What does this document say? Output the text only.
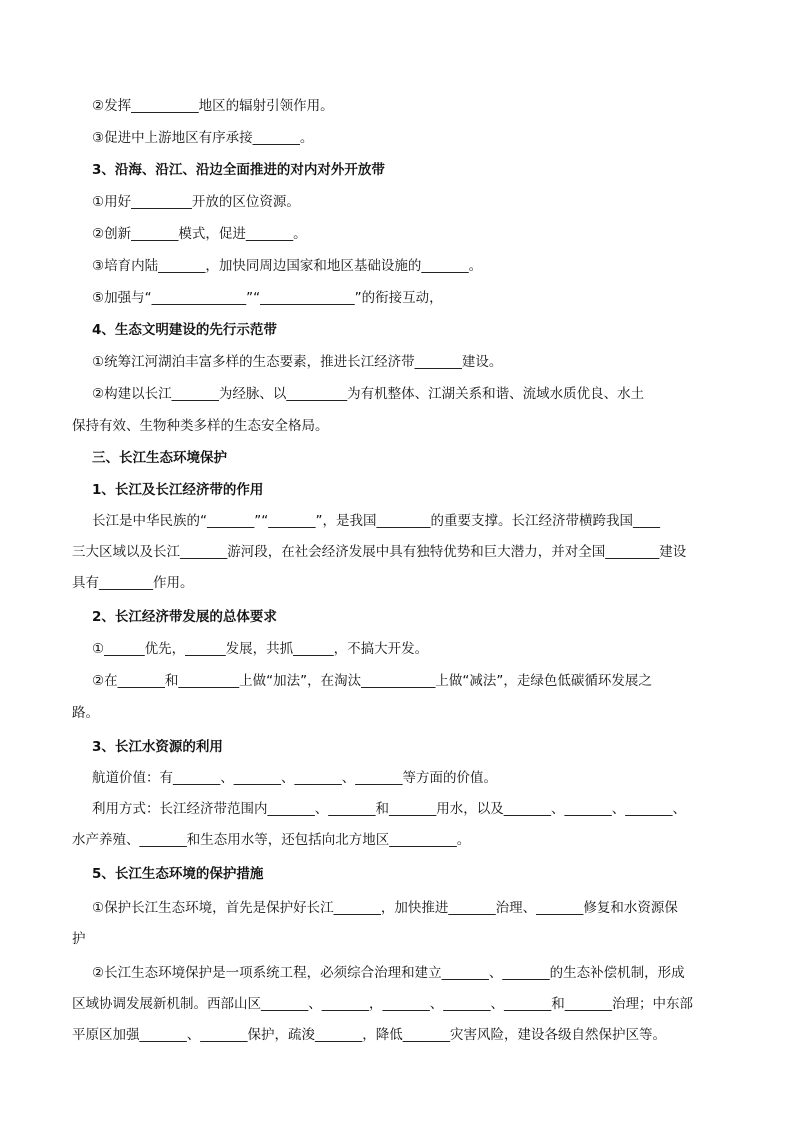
②发挥__________地区的辐射引领作用。

③促进中上游地区有序承接_______。

3、沿海、沿江、沿边全面推进的对内对外开放带

①用好_________开放的区位资源。

②创新_______模式，促进_______。

③培育内陆_______，加快同周边国家和地区基础设施的_______。

⑤加强与“______________”“______________”的衔接互动，

4、生态文明建设的先行示范带

①统筹江河湖泊丰富多样的生态要素，推进长江经济带_______建设。

②构建以长江_______为经脉、以_________为有机整体、江湖关系和谐、流域水质优良、水土

保持有效、生物种类多样的生态安全格局。

三、长江生态环境保护

1、长江及长江经济带的作用

长江是中华民族的“_______”“_______”，是我国________的重要支撑。长江经济带横跨我国____

三大区域以及长江_______游河段，在社会经济发展中具有独特优势和巨大潜力，并对全国________建设

具有________作用。

2、长江经济带发展的总体要求

①______优先，______发展，共抓______，不搞大开发。

②在_______和_________上做“加法”，在淘汰___________上做“减法”，走绿色低碳循环发展之

路。

3、长江水资源的利用

航道价值：有_______、_______、_______、_______等方面的价值。

利用方式：长江经济带范围内_______、_______和_______用水，以及_______、_______、_______、

水产养殖、_______和生态用水等，还包括向北方地区__________。

5、长江生态环境的保护措施

①保护长江生态环境，首先是保护好长江_______，加快推进_______治理、_______修复和水资源保

护

②长江生态环境保护是一项系统工程，必须综合治理和建立_______、_______的生态补偿机制，形成

区域协调发展新机制。西部山区_______、_______，_______、_______、_______和_______治理；中东部

平原区加强_______、_______保护，疏浚_______，降低_______灾害风险，建设各级自然保护区等。
